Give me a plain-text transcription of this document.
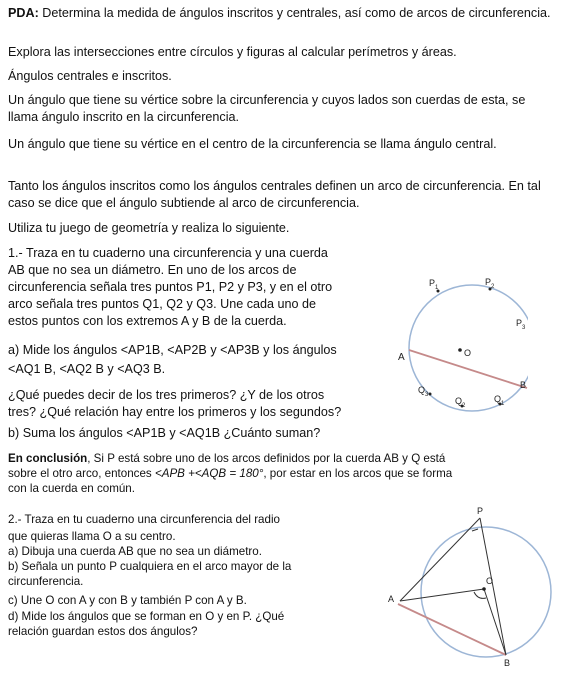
PDA: Determina la medida de ángulos inscritos y centrales, así como de arcos de circunferencia.
Explora las intersecciones entre círculos y figuras al calcular perímetros y áreas.
Ángulos centrales e inscritos.
Un ángulo que tiene su vértice sobre la circunferencia y cuyos lados son cuerdas de esta, se llama ángulo inscrito en la circunferencia.
Un ángulo que tiene su vértice en el centro de la circunferencia se llama ángulo central.
Tanto los ángulos inscritos como los ángulos centrales definen un arco de circunferencia. En tal caso se dice que el ángulo subtiende al arco de circunferencia.
Utiliza tu juego de geometría y realiza lo siguiente.
1.- Traza en tu cuaderno una circunferencia y una cuerda
AB que no sea un diámetro. En uno de los arcos de
circunferencia señala tres puntos P1, P2 y P3, y en el otro
arco señala tres puntos Q1, Q2 y Q3. Une cada uno de
estos puntos con los extremos A y B de la cuerda.
a) Mide los ángulos <AP1B, <AP2B y <AP3B y los ángulos
<AQ1 B, <AQ2 B y <AQ3 B.
¿Qué puedes decir de los tres primeros? ¿Y de los otros
tres? ¿Qué relación hay entre los primeros y los segundos?
b) Suma los ángulos <AP1B y <AQ1B ¿Cuánto suman?
A
B
O
$P_1$
$P_2$
$P_3$
$Q_3$
$Q_2$
$Q_1$
En conclusión, Si P está sobre uno de los arcos definidos por la cuerda AB y Q está
sobre el otro arco, entonces <APB +<AQB = 180°, por estar en los arcos que se forma
con la cuerda en común.
2.- Traza en tu cuaderno una circunferencia del radio
que quieras llama O a su centro.
a) Dibuja una cuerda AB que no sea un diámetro.
b) Señala un punto P cualquiera en el arco mayor de la
circunferencia.
c) Une O con A y con B y también P con A y B.
d) Mide los ángulos que se forman en O y en P. ¿Qué
relación guardan estos dos ángulos?
P
O
A
B
